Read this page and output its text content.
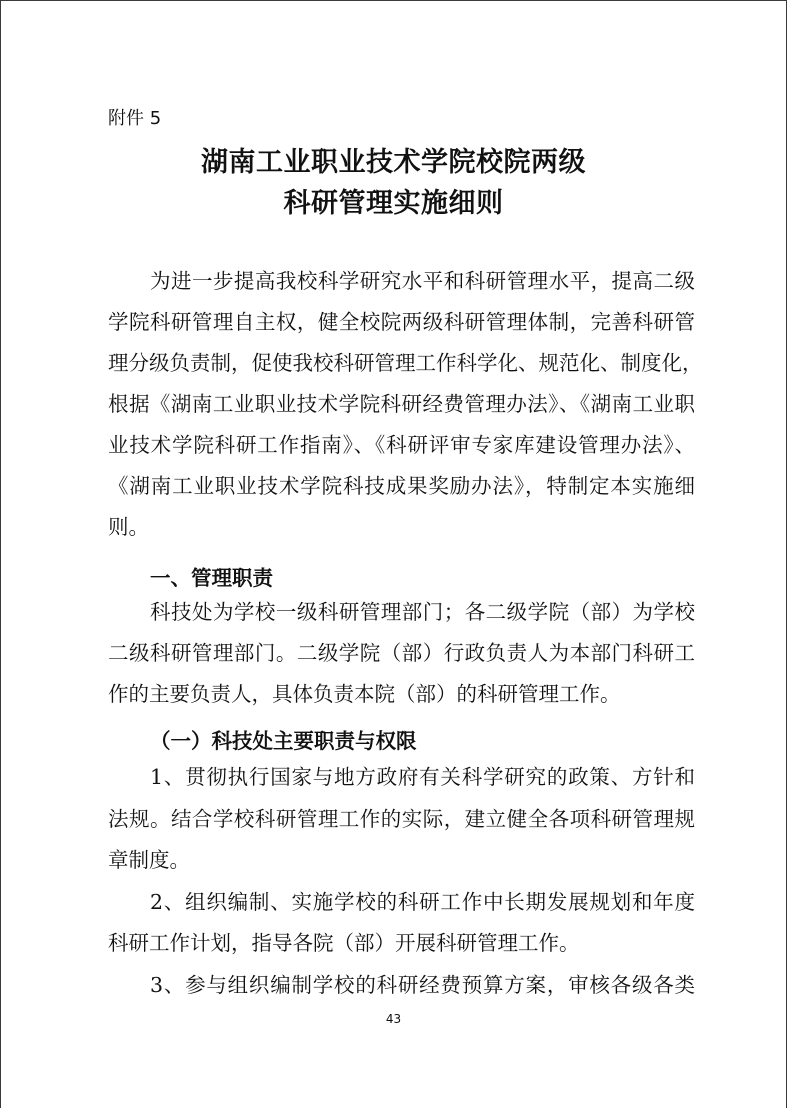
附件 5
湖南工业职业技术学院校院两级
科研管理实施细则
为进一步提高我校科学研究水平和科研管理水平，提高二级
学院科研管理自主权，健全校院两级科研管理体制，完善科研管
理分级负责制，促使我校科研管理工作科学化、规范化、制度化，
根据《湖南工业职业技术学院科研经费管理办法》、《湖南工业职
业技术学院科研工作指南》、《科研评审专家库建设管理办法》、
《湖南工业职业技术学院科技成果奖励办法》，特制定本实施细
则。
一、管理职责
科技处为学校一级科研管理部门；各二级学院（部）为学校
二级科研管理部门。二级学院（部）行政负责人为本部门科研工
作的主要负责人，具体负责本院（部）的科研管理工作。
（一）科技处主要职责与权限
1、贯彻执行国家与地方政府有关科学研究的政策、方针和
法规。结合学校科研管理工作的实际，建立健全各项科研管理规
章制度。
2、组织编制、实施学校的科研工作中长期发展规划和年度
科研工作计划，指导各院（部）开展科研管理工作。
3、参与组织编制学校的科研经费预算方案，审核各级各类
43
